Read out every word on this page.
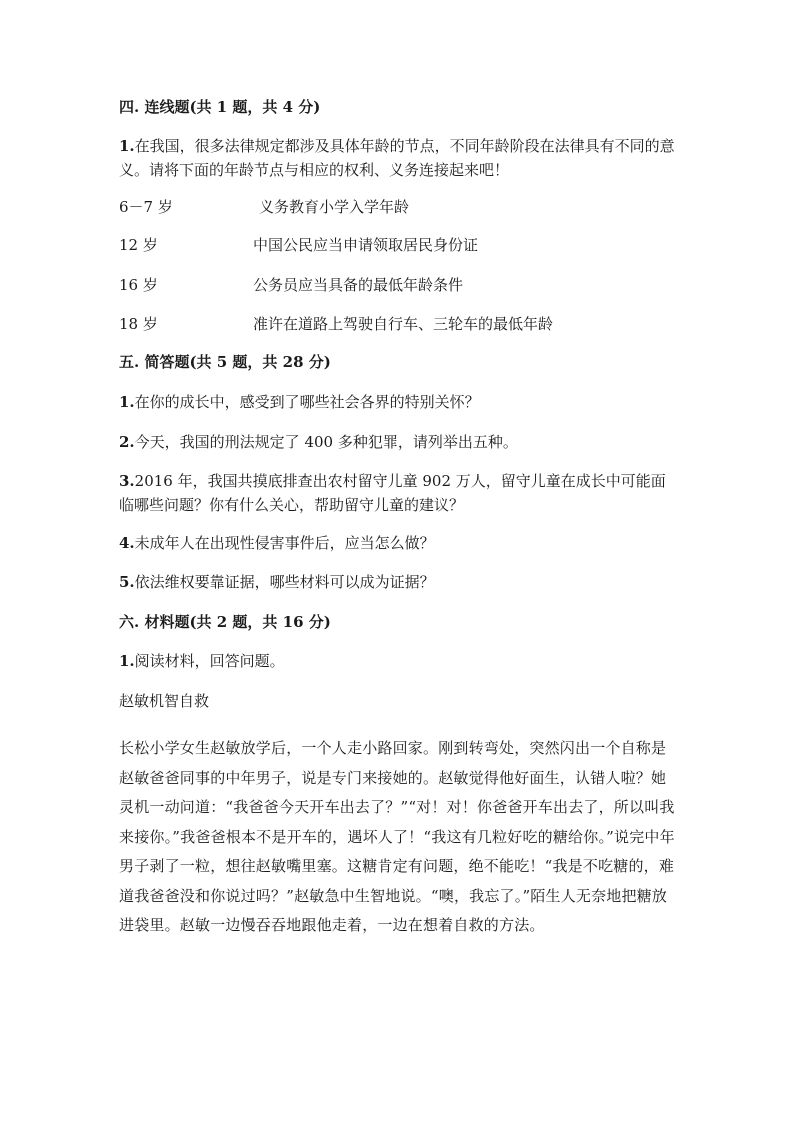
四. 连线题(共 1 题，共 4 分)
1.在我国，很多法律规定都涉及具体年龄的节点，不同年龄阶段在法律具有不同的意义。请将下面的年龄节点与相应的权利、义务连接起来吧！
6－7 岁	义务教育小学入学年龄
12 岁	中国公民应当申请领取居民身份证
16 岁	公务员应当具备的最低年龄条件
18 岁	准许在道路上驾驶自行车、三轮车的最低年龄
五. 简答题(共 5 题，共 28 分)
1.在你的成长中，感受到了哪些社会各界的特别关怀？
2.今天，我国的刑法规定了 400 多种犯罪，请列举出五种。
3.2016 年，我国共摸底排查出农村留守儿童 902 万人，留守儿童在成长中可能面临哪些问题？你有什么关心，帮助留守儿童的建议？
4.未成年人在出现性侵害事件后，应当怎么做？
5.依法维权要靠证据，哪些材料可以成为证据？
六. 材料题(共 2 题，共 16 分)
1.阅读材料，回答问题。
赵敏机智自救
长松小学女生赵敏放学后，一个人走小路回家。刚到转弯处，突然闪出一个自称是赵敏爸爸同事的中年男子，说是专门来接她的。赵敏觉得他好面生，认错人啦？她灵机一动问道：“我爸爸今天开车出去了？”“对！对！你爸爸开车出去了，所以叫我来接你。”我爸爸根本不是开车的，遇坏人了！“我这有几粒好吃的糖给你。”说完中年男子剥了一粒，想往赵敏嘴里塞。这糖肯定有问题，绝不能吃！“我是不吃糖的，难道我爸爸没和你说过吗？”赵敏急中生智地说。“噢，我忘了。”陌生人无奈地把糖放进袋里。赵敏一边慢吞吞地跟他走着，一边在想着自救的方法。
